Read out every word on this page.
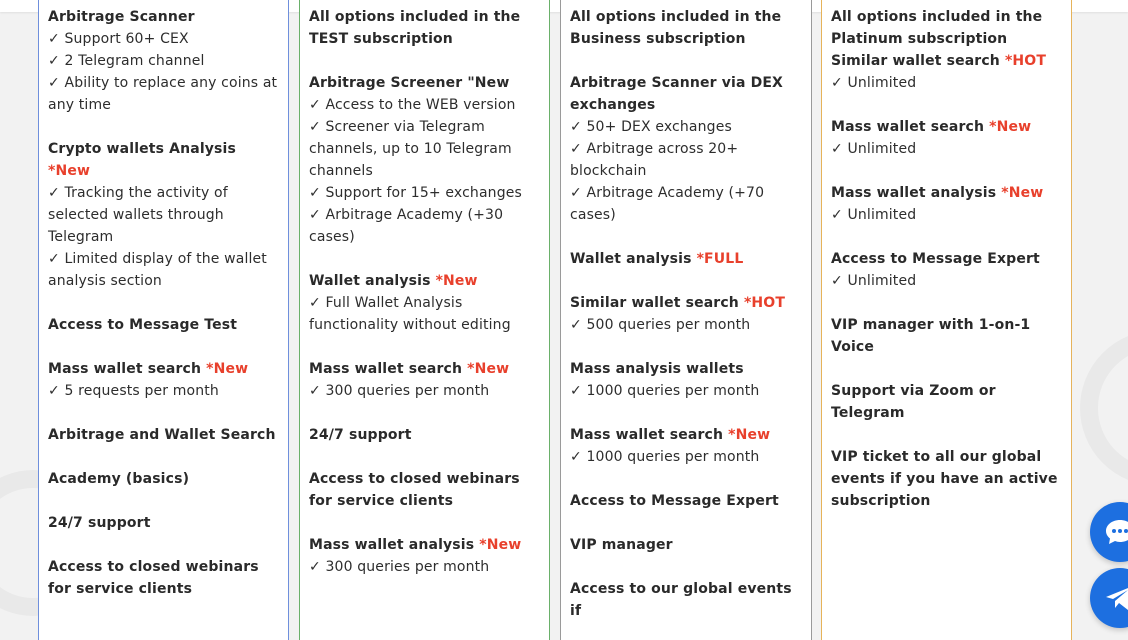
Arbitrage Scanner
✓ Support 60+ CEX
✓ 2 Telegram channel
✓ Ability to replace any coins at any time
Crypto wallets Analysis *New
✓ Tracking the activity of selected wallets through Telegram
✓ Limited display of the wallet analysis section
Access to Message Test
Mass wallet search *New
✓ 5 requests per month
Arbitrage and Wallet Search
Academy (basics)
24/7 support
Access to closed webinars for service clients
All options included in the TEST subscription
Arbitrage Screener "New
✓ Access to the WEB version
✓ Screener via Telegram channels, up to 10 Telegram channels
✓ Support for 15+ exchanges
✓ Arbitrage Academy (+30 cases)
Wallet analysis *New
✓ Full Wallet Analysis functionality without editing
Mass wallet search *New
✓ 300 queries per month
24/7 support
Access to closed webinars for service clients
Mass wallet analysis *New
✓ 300 queries per month
All options included in the Business subscription
Arbitrage Scanner via DEX exchanges
✓ 50+ DEX exchanges
✓ Arbitrage across 20+ blockchain
✓ Arbitrage Academy (+70 cases)
Wallet analysis *FULL
Similar wallet search *HOT
✓ 500 queries per month
Mass analysis wallets
✓ 1000 queries per month
Mass wallet search *New
✓ 1000 queries per month
Access to Message Expert
VIP manager
Access to our global events if
All options included in the Platinum subscription
Similar wallet search *HOT
✓ Unlimited
Mass wallet search *New
✓ Unlimited
Mass wallet analysis *New
✓ Unlimited
Access to Message Expert
✓ Unlimited
VIP manager with 1-on-1 Voice
Support via Zoom or Telegram
VIP ticket to all our global events if you have an active subscription
